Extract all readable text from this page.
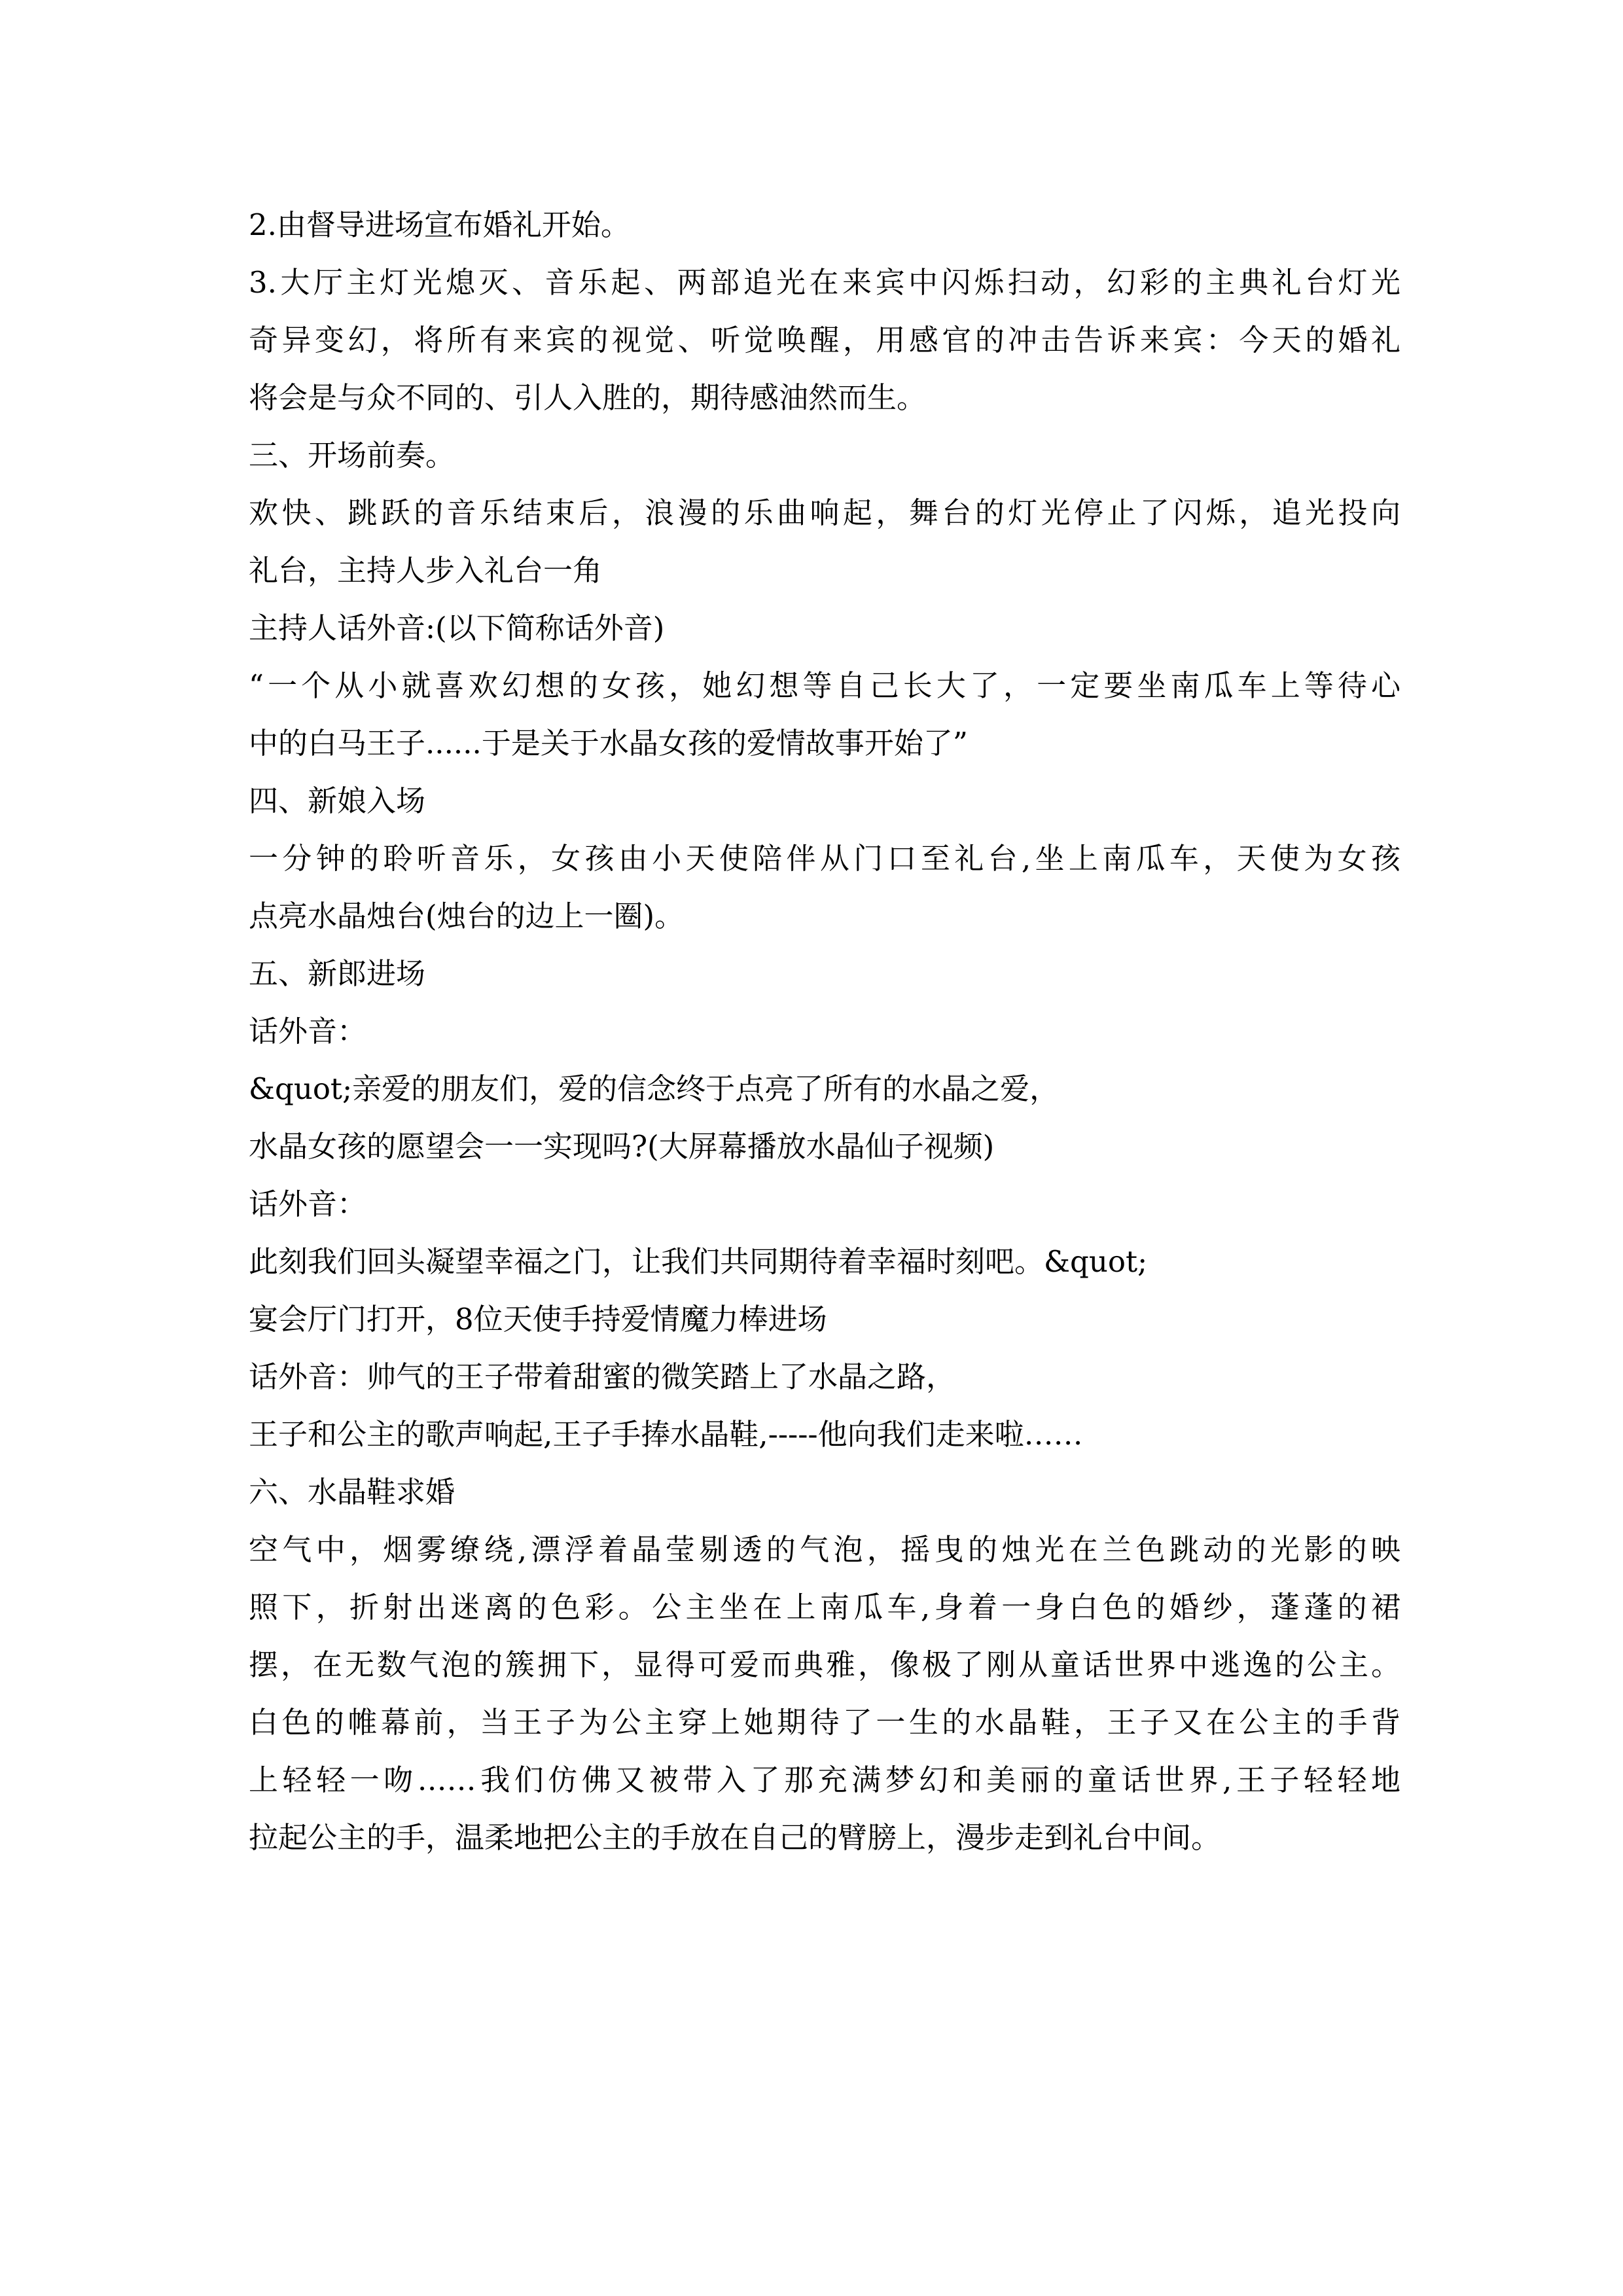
2.由督导进场宣布婚礼开始。
3.大厅主灯光熄灭、音乐起、两部追光在来宾中闪烁扫动，幻彩的主典礼台灯光
奇异变幻，将所有来宾的视觉、听觉唤醒，用感官的冲击告诉来宾：今天的婚礼
将会是与众不同的、引人入胜的，期待感油然而生。
三、开场前奏。
欢快、跳跃的音乐结束后，浪漫的乐曲响起，舞台的灯光停止了闪烁，追光投向
礼台，主持人步入礼台一角
主持人话外音:(以下简称话外音)
“一个从小就喜欢幻想的女孩，她幻想等自己长大了，一定要坐南瓜车上等待心
中的白马王子......于是关于水晶女孩的爱情故事开始了”
四、新娘入场
一分钟的聆听音乐，女孩由小天使陪伴从门口至礼台,坐上南瓜车，天使为女孩
点亮水晶烛台(烛台的边上一圈)。
五、新郎进场
话外音：
&quot;亲爱的朋友们，爱的信念终于点亮了所有的水晶之爱，
水晶女孩的愿望会一一实现吗?(大屏幕播放水晶仙子视频)
话外音：
此刻我们回头凝望幸福之门，让我们共同期待着幸福时刻吧。&quot;
宴会厅门打开，8位天使手持爱情魔力棒进场
话外音：帅气的王子带着甜蜜的微笑踏上了水晶之路，
王子和公主的歌声响起,王子手捧水晶鞋,-----他向我们走来啦……
六、水晶鞋求婚
空气中，烟雾缭绕,漂浮着晶莹剔透的气泡，摇曳的烛光在兰色跳动的光影的映
照下，折射出迷离的色彩。公主坐在上南瓜车,身着一身白色的婚纱，蓬蓬的裙
摆，在无数气泡的簇拥下，显得可爱而典雅，像极了刚从童话世界中逃逸的公主。
白色的帷幕前，当王子为公主穿上她期待了一生的水晶鞋，王子又在公主的手背
上轻轻一吻……我们仿佛又被带入了那充满梦幻和美丽的童话世界,王子轻轻地
拉起公主的手，温柔地把公主的手放在自己的臂膀上，漫步走到礼台中间。
